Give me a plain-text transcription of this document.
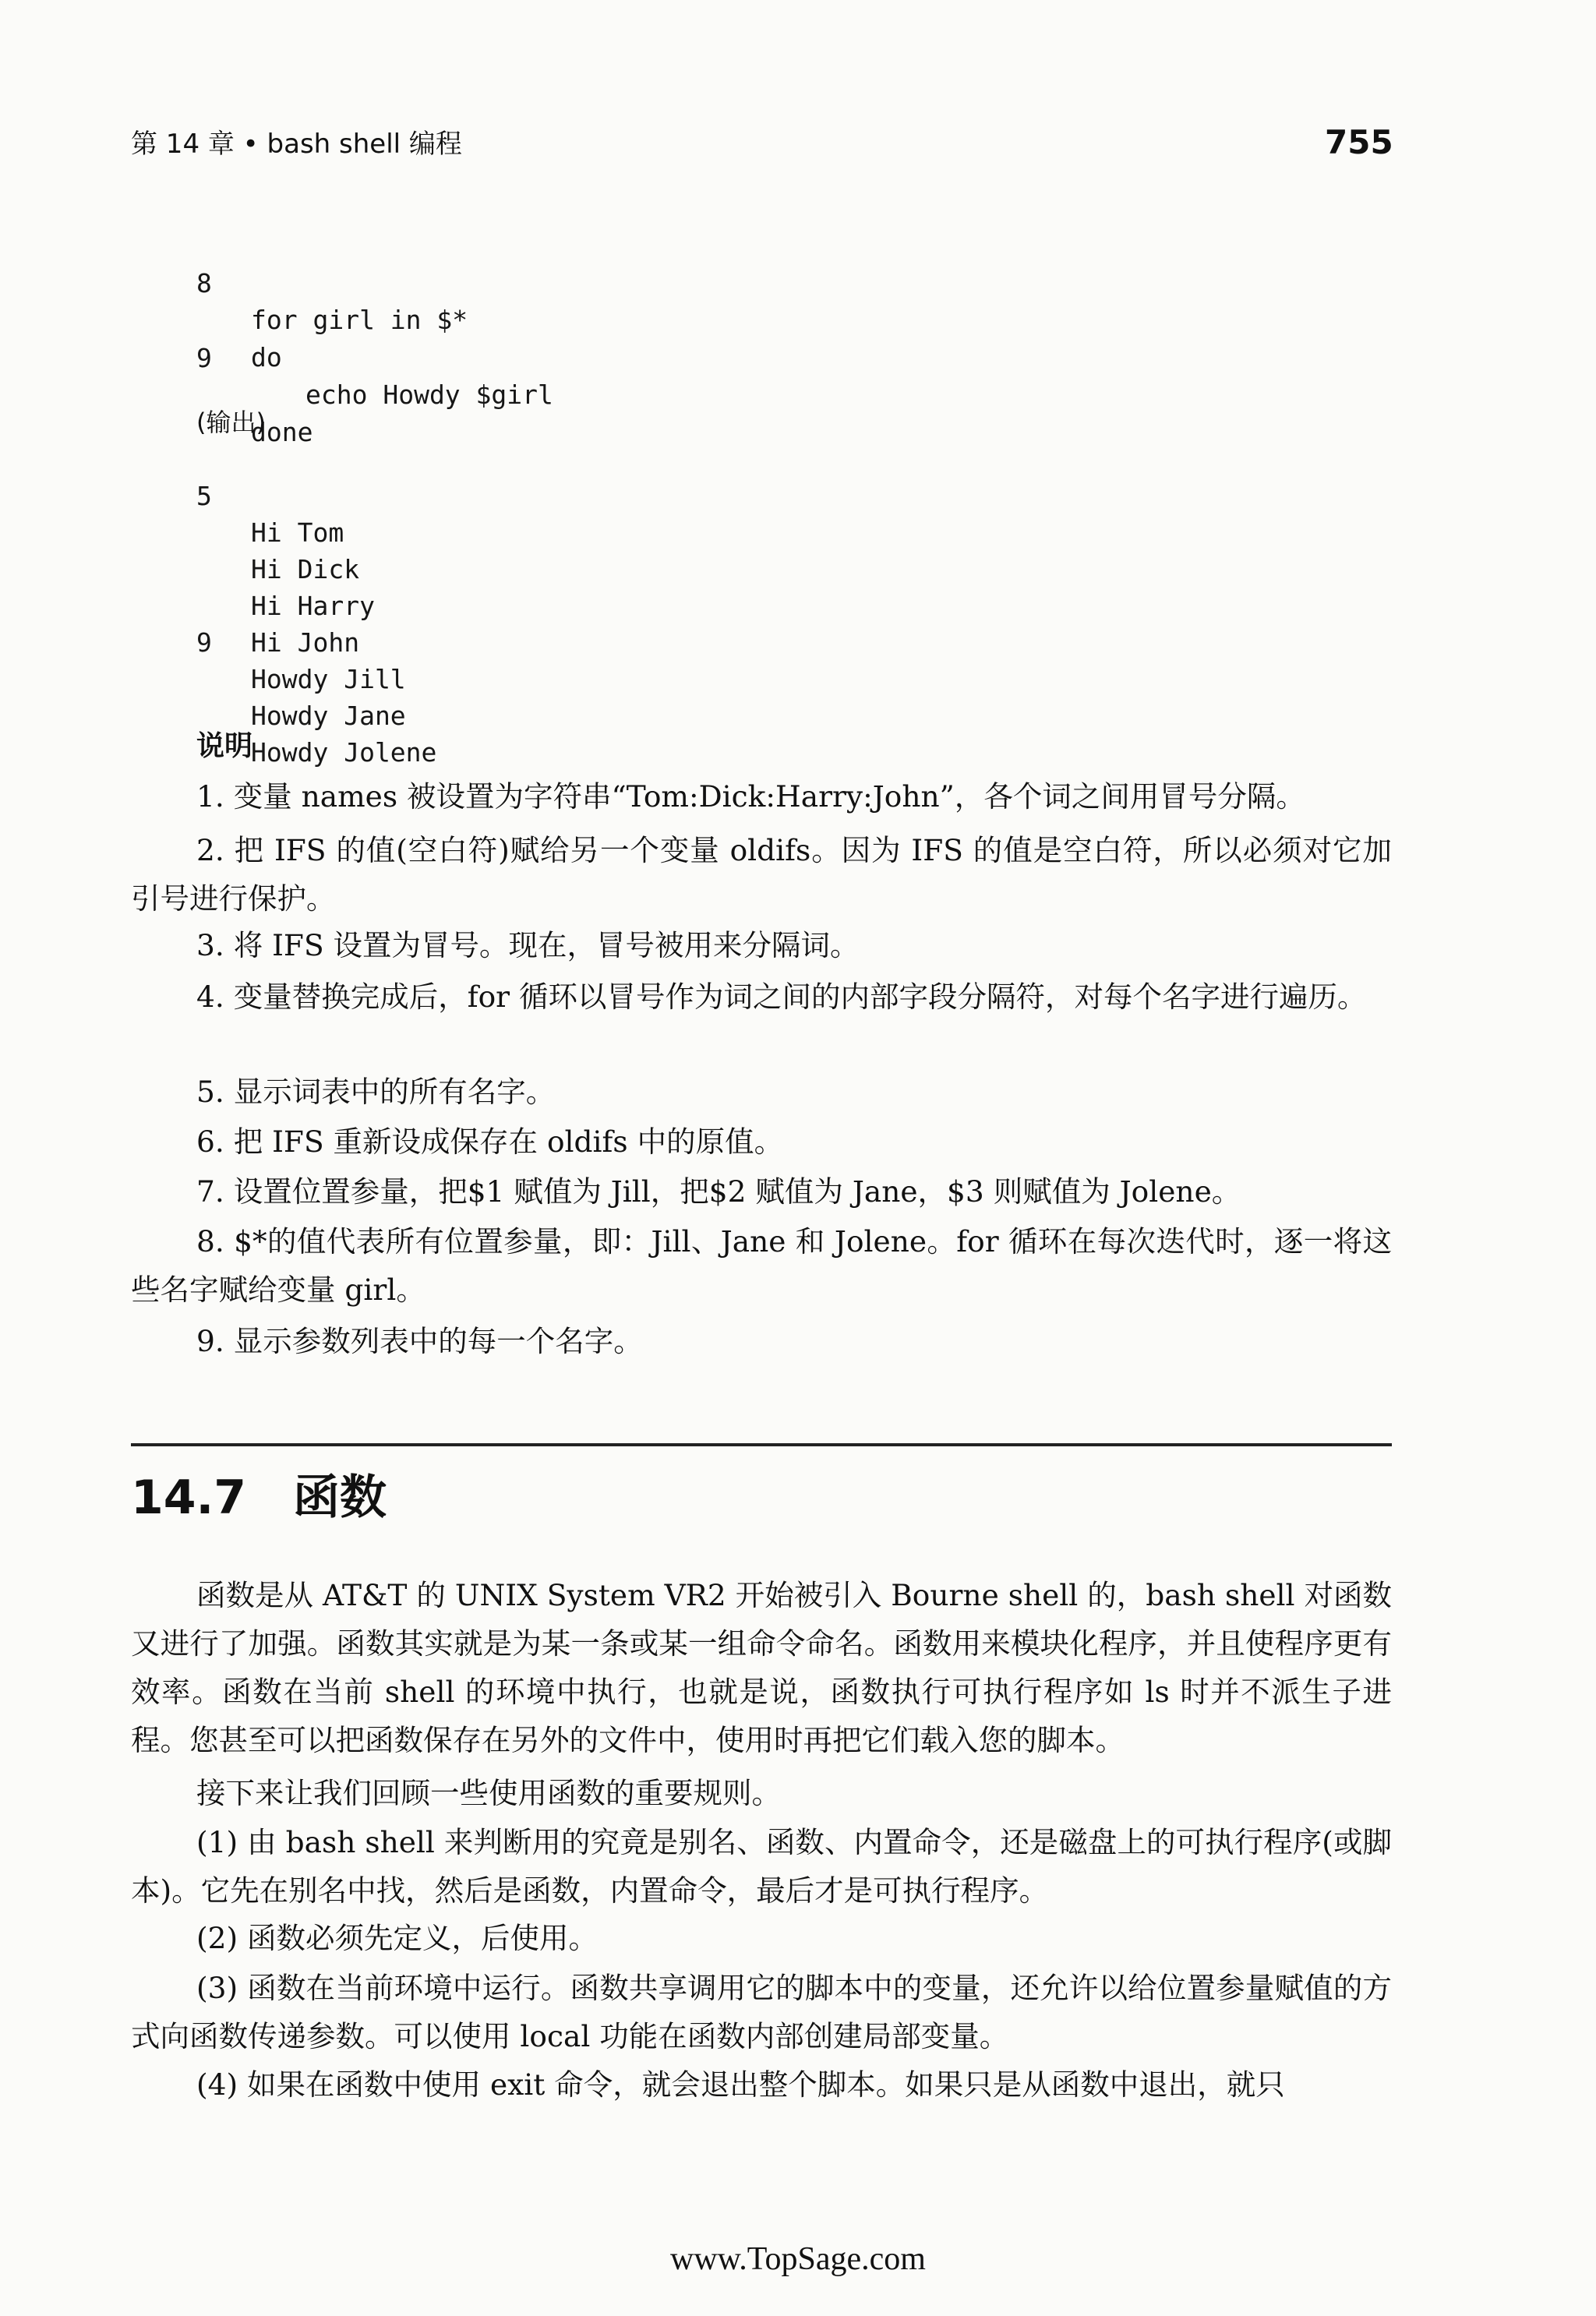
第 14 章 • bash shell 编程	755

8

for girl in $*

do

9

echo Howdy $girl

done

(输出)

5

Hi Tom

Hi Dick

Hi Harry

Hi John

9

Howdy Jill

Howdy Jane

Howdy Jolene

说明
1. 变量 names 被设置为字符串“Tom:Dick:Harry:John”，各个词之间用冒号分隔。
2. 把 IFS 的值(空白符)赋给另一个变量 oldifs。因为 IFS 的值是空白符，所以必须对它加引号进行保护。
3. 将 IFS 设置为冒号。现在，冒号被用来分隔词。
4. 变量替换完成后，for 循环以冒号作为词之间的内部字段分隔符，对每个名字进行遍历。
5. 显示词表中的所有名字。
6. 把 IFS 重新设成保存在 oldifs 中的原值。
7. 设置位置参量，把$1 赋值为 Jill，把$2 赋值为 Jane，$3 则赋值为 Jolene。
8. $*的值代表所有位置参量，即：Jill、Jane 和 Jolene。for 循环在每次迭代时，逐一将这些名字赋给变量 girl。
9. 显示参数列表中的每一个名字。
14.7 函数
函数是从 AT&T 的 UNIX System VR2 开始被引入 Bourne shell 的，bash shell 对函数又进行了加强。函数其实就是为某一条或某一组命令命名。函数用来模块化程序，并且使程序更有效率。函数在当前 shell 的环境中执行，也就是说，函数执行可执行程序如 ls 时并不派生子进程。您甚至可以把函数保存在另外的文件中，使用时再把它们载入您的脚本。
接下来让我们回顾一些使用函数的重要规则。
(1) 由 bash shell 来判断用的究竟是别名、函数、内置命令，还是磁盘上的可执行程序(或脚本)。它先在别名中找，然后是函数，内置命令，最后才是可执行程序。
(2) 函数必须先定义，后使用。
(3) 函数在当前环境中运行。函数共享调用它的脚本中的变量，还允许以给位置参量赋值的方式向函数传递参数。可以使用 local 功能在函数内部创建局部变量。
(4) 如果在函数中使用 exit 命令，就会退出整个脚本。如果只是从函数中退出，就只
www.TopSage.com
